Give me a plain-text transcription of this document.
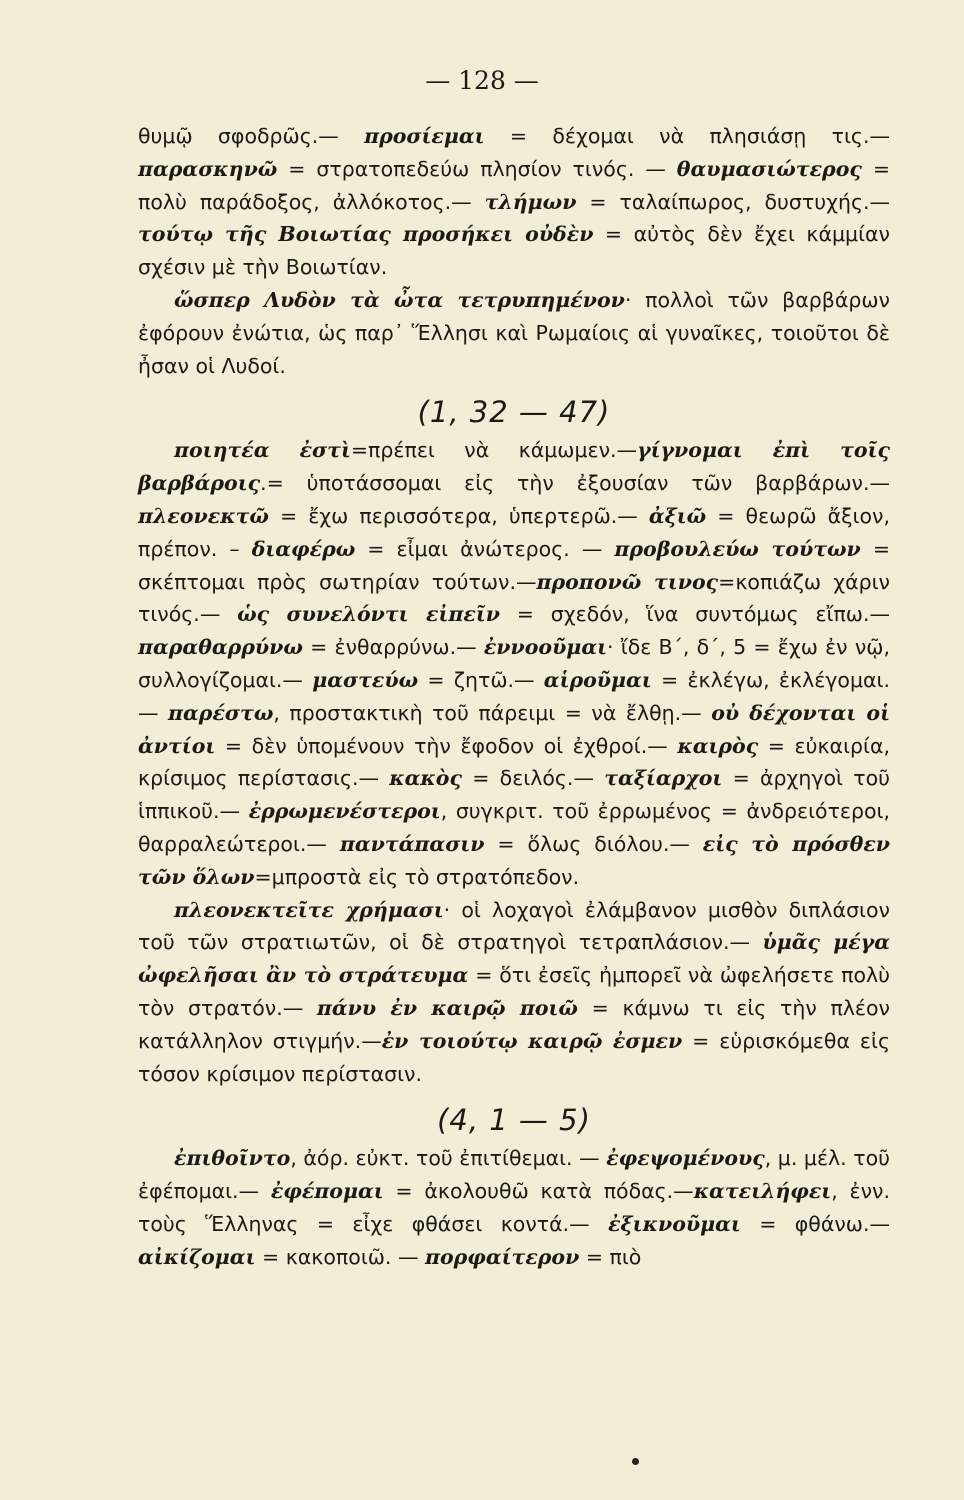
— 128 —

θυμῷ σφοδρῶς.— προσίεμαι = δέχομαι νὰ πλησιάσῃ τις.— παρασκηνῶ = στρατοπεδεύω πλησίον τινός. — θαυμασιώτερος = πολὺ παράδοξος, ἀλλόκοτος.— τλήμων = ταλαίπωρος, δυστυχής.— τούτῳ τῆς Βοιωτίας προσήκει οὐδὲν = αὐτὸς δὲν ἔχει κάμμίαν σχέσιν μὲ τὴν Βοιωτίαν.

ὥσπερ Λυδὸν τὰ ὦτα τετρυπημένον· πολλοὶ τῶν βαρβάρων ἐφόρουν ἐνώτια, ὡς παρ᾽ Ἕλλησι καὶ Ρωμαίοις αἱ γυναῖκες, τοιοῦτοι δὲ ἦσαν οἱ Λυδοί.

(1, 32 — 47)

ποιητέα ἐστὶ=πρέπει νὰ κάμωμεν.—γίγνομαι ἐπὶ τοῖς βαρβάροις.= ὑποτάσσομαι εἰς τὴν ἐξουσίαν τῶν βαρβάρων.—πλεονεκτῶ = ἔχω περισσότερα, ὑπερτερῶ.— ἀξιῶ = θεωρῶ ἄξιον, πρέπον. – διαφέρω = εἶμαι ἀνώτερος. — προβουλεύω τούτων = σκέπτομαι πρὸς σωτηρίαν τούτων.—προπονῶ τινος=κοπιάζω χάριν τινός.— ὡς συνελόντι εἰπεῖν = σχεδόν, ἵνα συντόμως εἴπω.— παραθαρρύνω = ἐνθαρρύνω.— ἐννοοῦμαι· ἴδε Β΄, δ΄, 5 = ἔχω ἐν νῷ, συλλογίζομαι.— μαστεύω = ζητῶ.— αἱροῦμαι = ἐκλέγω, ἐκλέγομαι.— παρέστω, προστακτικὴ τοῦ πάρειμι = νὰ ἔλθῃ.— οὐ δέχονται οἱ ἀντίοι = δὲν ὑπομένουν τὴν ἔφοδον οἱ ἐχθροί.— καιρὸς = εὐκαιρία, κρίσιμος περίστασις.— κακὸς = δειλός.— ταξίαρχοι = ἀρχηγοὶ τοῦ ἱππικοῦ.— ἐρρωμενέστεροι, συγκριτ. τοῦ ἐρρωμένος = ἀνδρειότεροι, θαρραλεώτεροι.— παντάπασιν = ὅλως διόλου.— εἰς τὸ πρόσθεν τῶν ὅλων=μπροστὰ εἰς τὸ στρατόπεδον.

πλεονεκτεῖτε χρήμασι· οἱ λοχαγοὶ ἐλάμβανον μισθὸν διπλάσιον τοῦ τῶν στρατιωτῶν, οἱ δὲ στρατηγοὶ τετραπλάσιον.— ὑμᾶς μέγα ὠφελῆσαι ἂν τὸ στράτευμα = ὅτι ἐσεῖς ἠμπορεῖ νὰ ὠφελήσετε πολὺ τὸν στρατόν.— πάνυ ἐν καιρῷ ποιῶ = κάμνω τι εἰς τὴν πλέον κατάλληλον στιγμήν.—ἐν τοιούτῳ καιρῷ ἐσμεν = εὑρισκόμεθα εἰς τόσον κρίσιμον περίστασιν.

(4, 1 — 5)

ἐπιθοῖντο, ἀόρ. εὐκτ. τοῦ ἐπιτίθεμαι. — ἐφεψομένους, μ. μέλ. τοῦ ἐφέπομαι.— ἐφέπομαι = ἀκολουθῶ κατὰ πόδας.—κατειλήφει, ἐνν. τοὺς Ἕλληνας = εἶχε φθάσει κοντά.— ἐξικνοῦμαι = φθάνω.— αἰκίζομαι = κακοποιῶ. — πορφαίτερον = πιὸ
